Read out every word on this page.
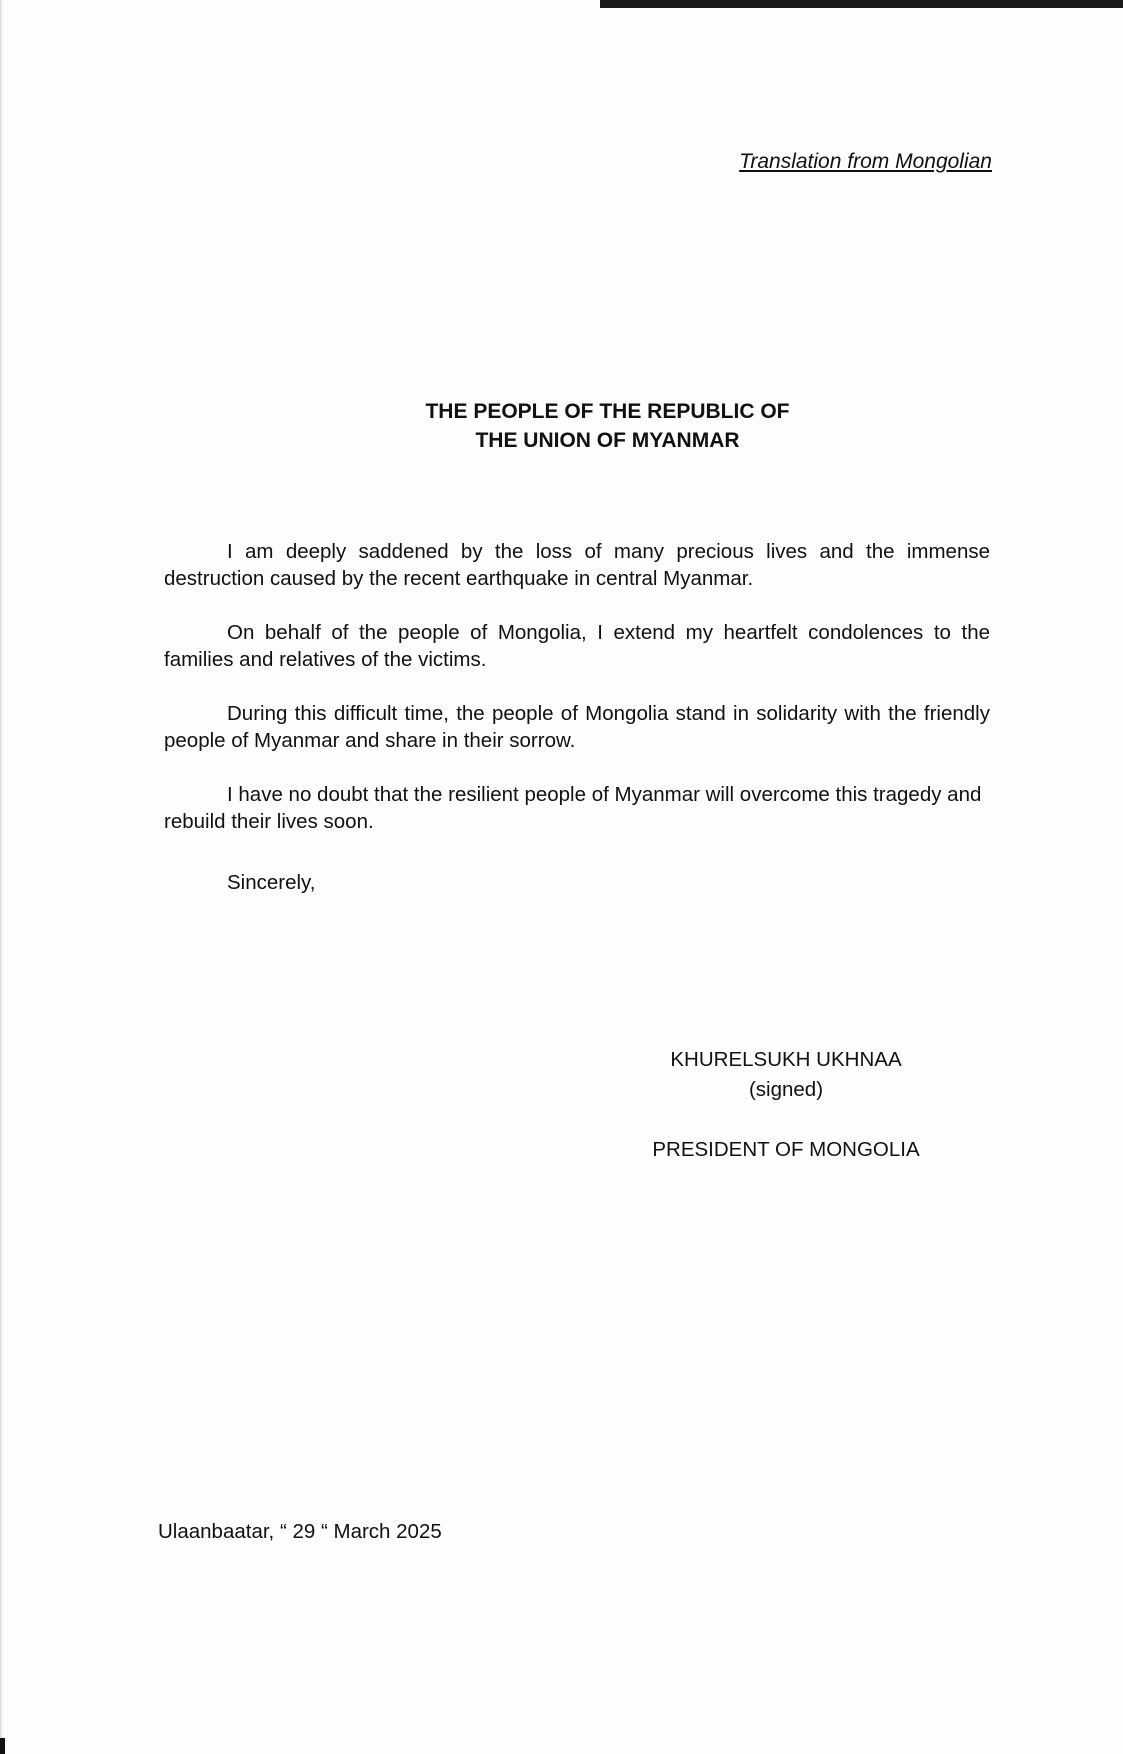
Translation from Mongolian
THE PEOPLE OF THE REPUBLIC OF
THE UNION OF MYANMAR

I am deeply saddened by the loss of many precious lives and the immense destruction caused by the recent earthquake in central Myanmar.

On behalf of the people of Mongolia, I extend my heartfelt condolences to the families and relatives of the victims.

During this difficult time, the people of Mongolia stand in solidarity with the friendly people of Myanmar and share in their sorrow.

I have no doubt that the resilient people of Myanmar will overcome this tragedy and rebuild their lives soon.

Sincerely,
KHURELSUKH UKHNAA
(signed)
PRESIDENT OF MONGOLIA
Ulaanbaatar, “ 29 “ March 2025
